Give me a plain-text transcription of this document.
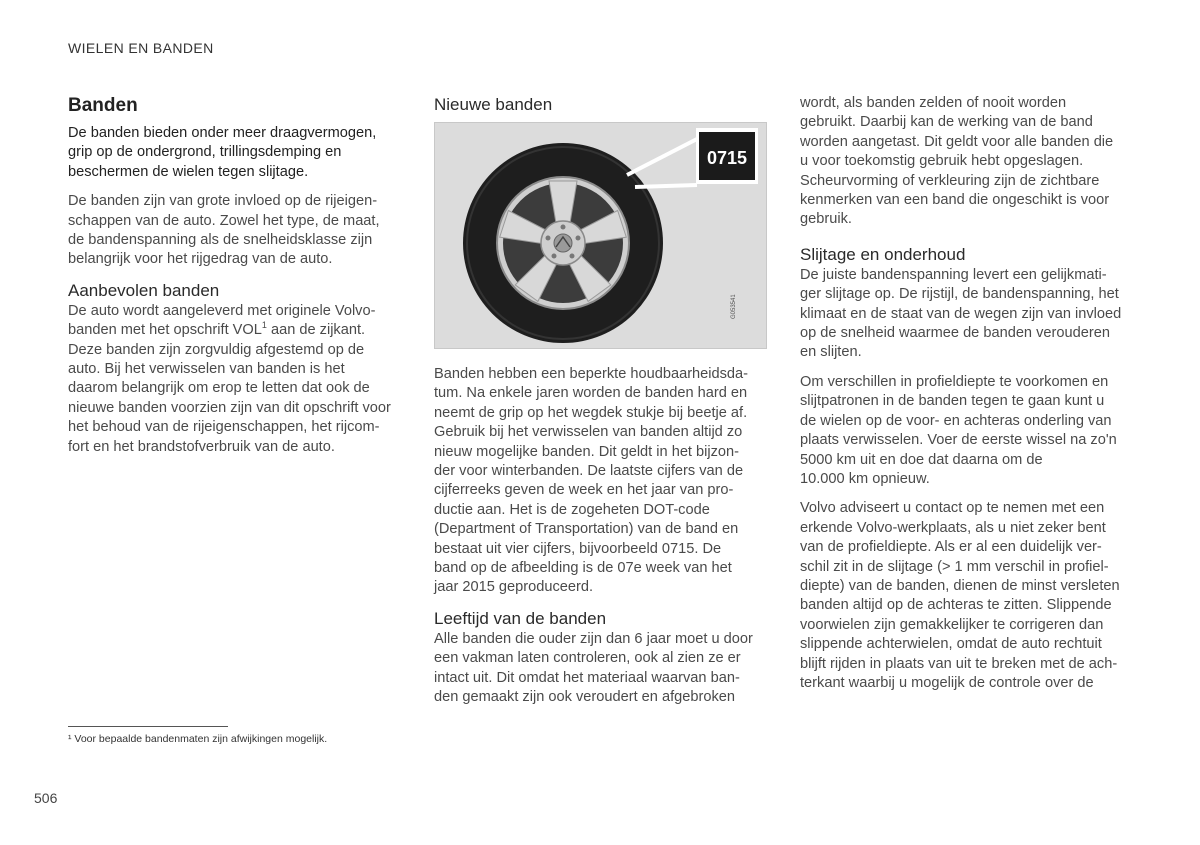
WIELEN EN BANDEN
Banden
De banden bieden onder meer draagvermogen,
grip op de ondergrond, trillingsdemping en
beschermen de wielen tegen slijtage.

De banden zijn van grote invloed op de rijeigen-
schappen van de auto. Zowel het type, de maat,
de bandenspanning als de snelheidsklasse zijn
belangrijk voor het rijgedrag van de auto.

Aanbevolen banden

De auto wordt aangeleverd met originele Volvo-
banden met het opschrift VOL$^1$ aan de zijkant.
Deze banden zijn zorgvuldig afgestemd op de
auto. Bij het verwisselen van banden is het
daarom belangrijk om erop te letten dat ook de
nieuwe banden voorzien zijn van dit opschrift voor
het behoud van de rijeigenschappen, het rijcom-
fort en het brandstofverbruik van de auto.

Nieuwe banden
0715
G053541

Banden hebben een beperkte houdbaarheidsda-
tum. Na enkele jaren worden de banden hard en
neemt de grip op het wegdek stukje bij beetje af.
Gebruik bij het verwisselen van banden altijd zo
nieuw mogelijke banden. Dit geldt in het bijzon-
der voor winterbanden. De laatste cijfers van de
cijferreeks geven de week en het jaar van pro-
ductie aan. Het is de zogeheten DOT-code
(Department of Transportation) van de band en
bestaat uit vier cijfers, bijvoorbeeld 0715. De
band op de afbeelding is de 07e week van het
jaar 2015 geproduceerd.

Leeftijd van de banden

Alle banden die ouder zijn dan 6 jaar moet u door
een vakman laten controleren, ook al zien ze er
intact uit. Dit omdat het materiaal waarvan ban-
den gemaakt zijn ook veroudert en afgebroken

wordt, als banden zelden of nooit worden
gebruikt. Daarbij kan de werking van de band
worden aangetast. Dit geldt voor alle banden die
u voor toekomstig gebruik hebt opgeslagen.
Scheurvorming of verkleuring zijn de zichtbare
kenmerken van een band die ongeschikt is voor
gebruik.

Slijtage en onderhoud

De juiste bandenspanning levert een gelijkmati-
ger slijtage op. De rijstijl, de bandenspanning, het
klimaat en de staat van de wegen zijn van invloed
op de snelheid waarmee de banden verouderen
en slijten.

Om verschillen in profieldiepte te voorkomen en
slijtpatronen in de banden tegen te gaan kunt u
de wielen op de voor- en achteras onderling van
plaats verwisselen. Voer de eerste wissel na zo'n
5000 km uit en doe dat daarna om de
10.000 km opnieuw.

Volvo adviseert u contact op te nemen met een
erkende Volvo-werkplaats, als u niet zeker bent
van de profieldiepte. Als er al een duidelijk ver-
schil zit in de slijtage (> 1 mm verschil in profiel-
diepte) van de banden, dienen de minst versleten
banden altijd op de achteras te zitten. Slippende
voorwielen zijn gemakkelijker te corrigeren dan
slippende achterwielen, omdat de auto rechtuit
blijft rijden in plaats van uit te breken met de ach-
terkant waarbij u mogelijk de controle over de

¹ Voor bepaalde bandenmaten zijn afwijkingen mogelijk.
506
